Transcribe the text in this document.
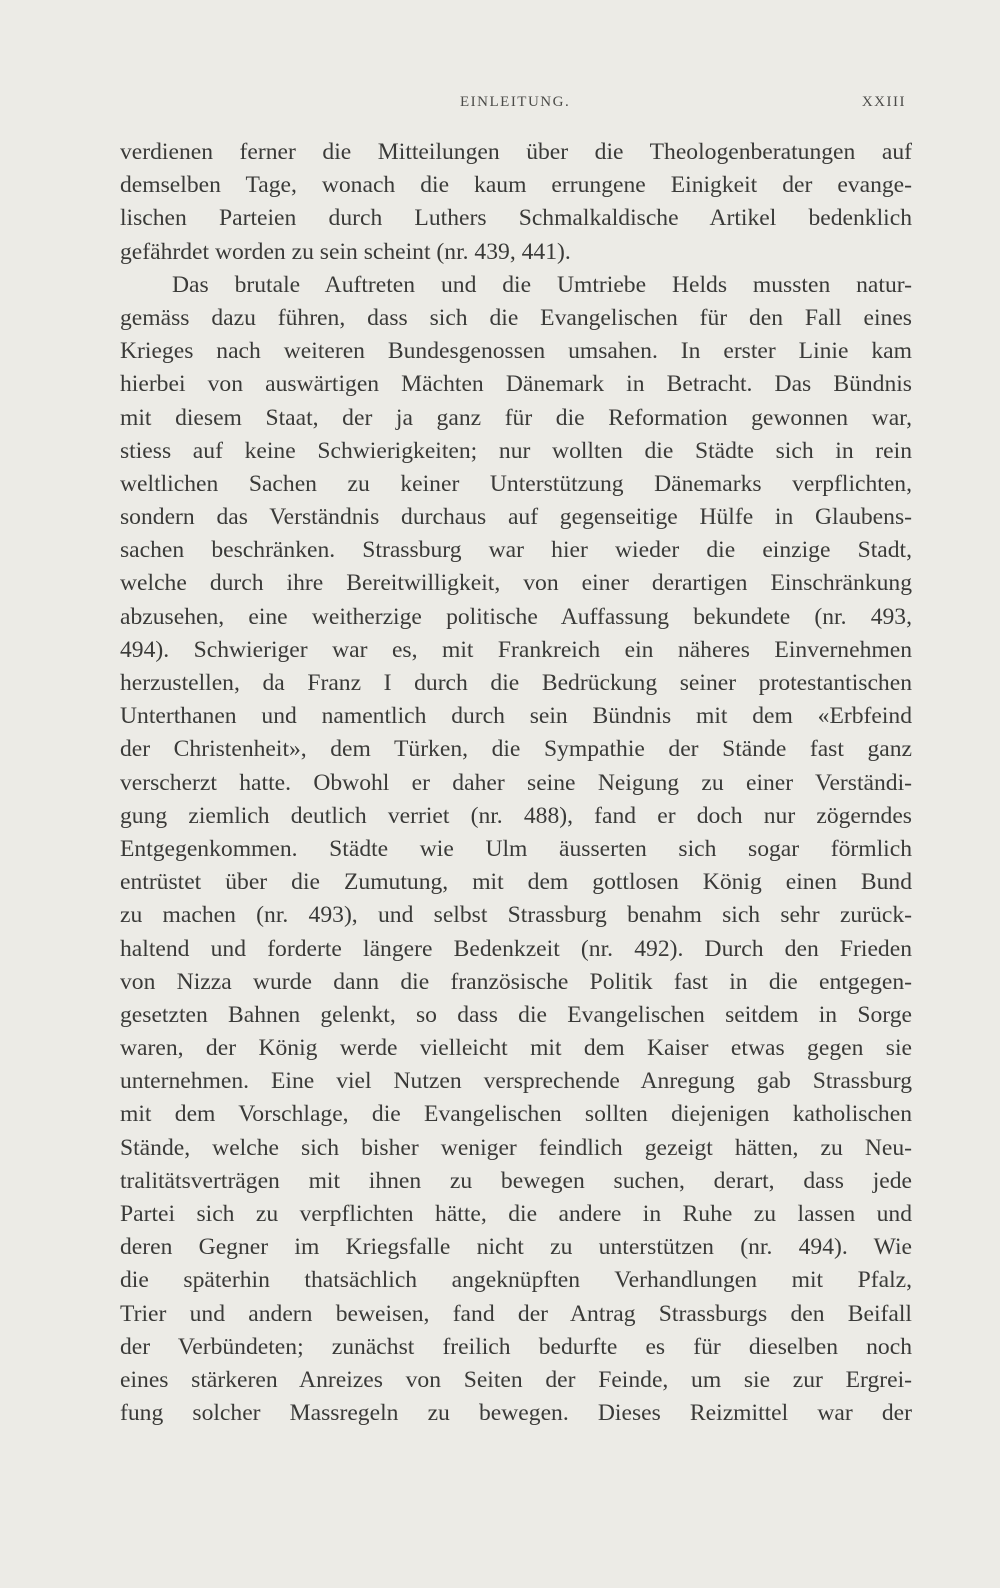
EINLEITUNG.	XXIII
verdienen ferner die Mitteilungen über die Theologenberatungen auf
demselben Tage, wonach die kaum errungene Einigkeit der evange-
lischen Parteien durch Luthers Schmalkaldische Artikel bedenklich
gefährdet worden zu sein scheint (nr. 439, 441).
Das brutale Auftreten und die Umtriebe Helds mussten natur-
gemäss dazu führen, dass sich die Evangelischen für den Fall eines
Krieges nach weiteren Bundesgenossen umsahen. In erster Linie kam
hierbei von auswärtigen Mächten Dänemark in Betracht. Das Bündnis
mit diesem Staat, der ja ganz für die Reformation gewonnen war,
stiess auf keine Schwierigkeiten; nur wollten die Städte sich in rein
weltlichen Sachen zu keiner Unterstützung Dänemarks verpflichten,
sondern das Verständnis durchaus auf gegenseitige Hülfe in Glaubens-
sachen beschränken. Strassburg war hier wieder die einzige Stadt,
welche durch ihre Bereitwilligkeit, von einer derartigen Einschränkung
abzusehen, eine weitherzige politische Auffassung bekundete (nr. 493,
494). Schwieriger war es, mit Frankreich ein näheres Einvernehmen
herzustellen, da Franz I durch die Bedrückung seiner protestantischen
Unterthanen und namentlich durch sein Bündnis mit dem «Erbfeind
der Christenheit», dem Türken, die Sympathie der Stände fast ganz
verscherzt hatte. Obwohl er daher seine Neigung zu einer Verständi-
gung ziemlich deutlich verriet (nr. 488), fand er doch nur zögerndes
Entgegenkommen. Städte wie Ulm äusserten sich sogar förmlich
entrüstet über die Zumutung, mit dem gottlosen König einen Bund
zu machen (nr. 493), und selbst Strassburg benahm sich sehr zurück-
haltend und forderte längere Bedenkzeit (nr. 492). Durch den Frieden
von Nizza wurde dann die französische Politik fast in die entgegen-
gesetzten Bahnen gelenkt, so dass die Evangelischen seitdem in Sorge
waren, der König werde vielleicht mit dem Kaiser etwas gegen sie
unternehmen. Eine viel Nutzen versprechende Anregung gab Strassburg
mit dem Vorschlage, die Evangelischen sollten diejenigen katholischen
Stände, welche sich bisher weniger feindlich gezeigt hätten, zu Neu-
tralitätsverträgen mit ihnen zu bewegen suchen, derart, dass jede
Partei sich zu verpflichten hätte, die andere in Ruhe zu lassen und
deren Gegner im Kriegsfalle nicht zu unterstützen (nr. 494). Wie
die späterhin thatsächlich angeknüpften Verhandlungen mit Pfalz,
Trier und andern beweisen, fand der Antrag Strassburgs den Beifall
der Verbündeten; zunächst freilich bedurfte es für dieselben noch
eines stärkeren Anreizes von Seiten der Feinde, um sie zur Ergrei-
fung solcher Massregeln zu bewegen. Dieses Reizmittel war der
